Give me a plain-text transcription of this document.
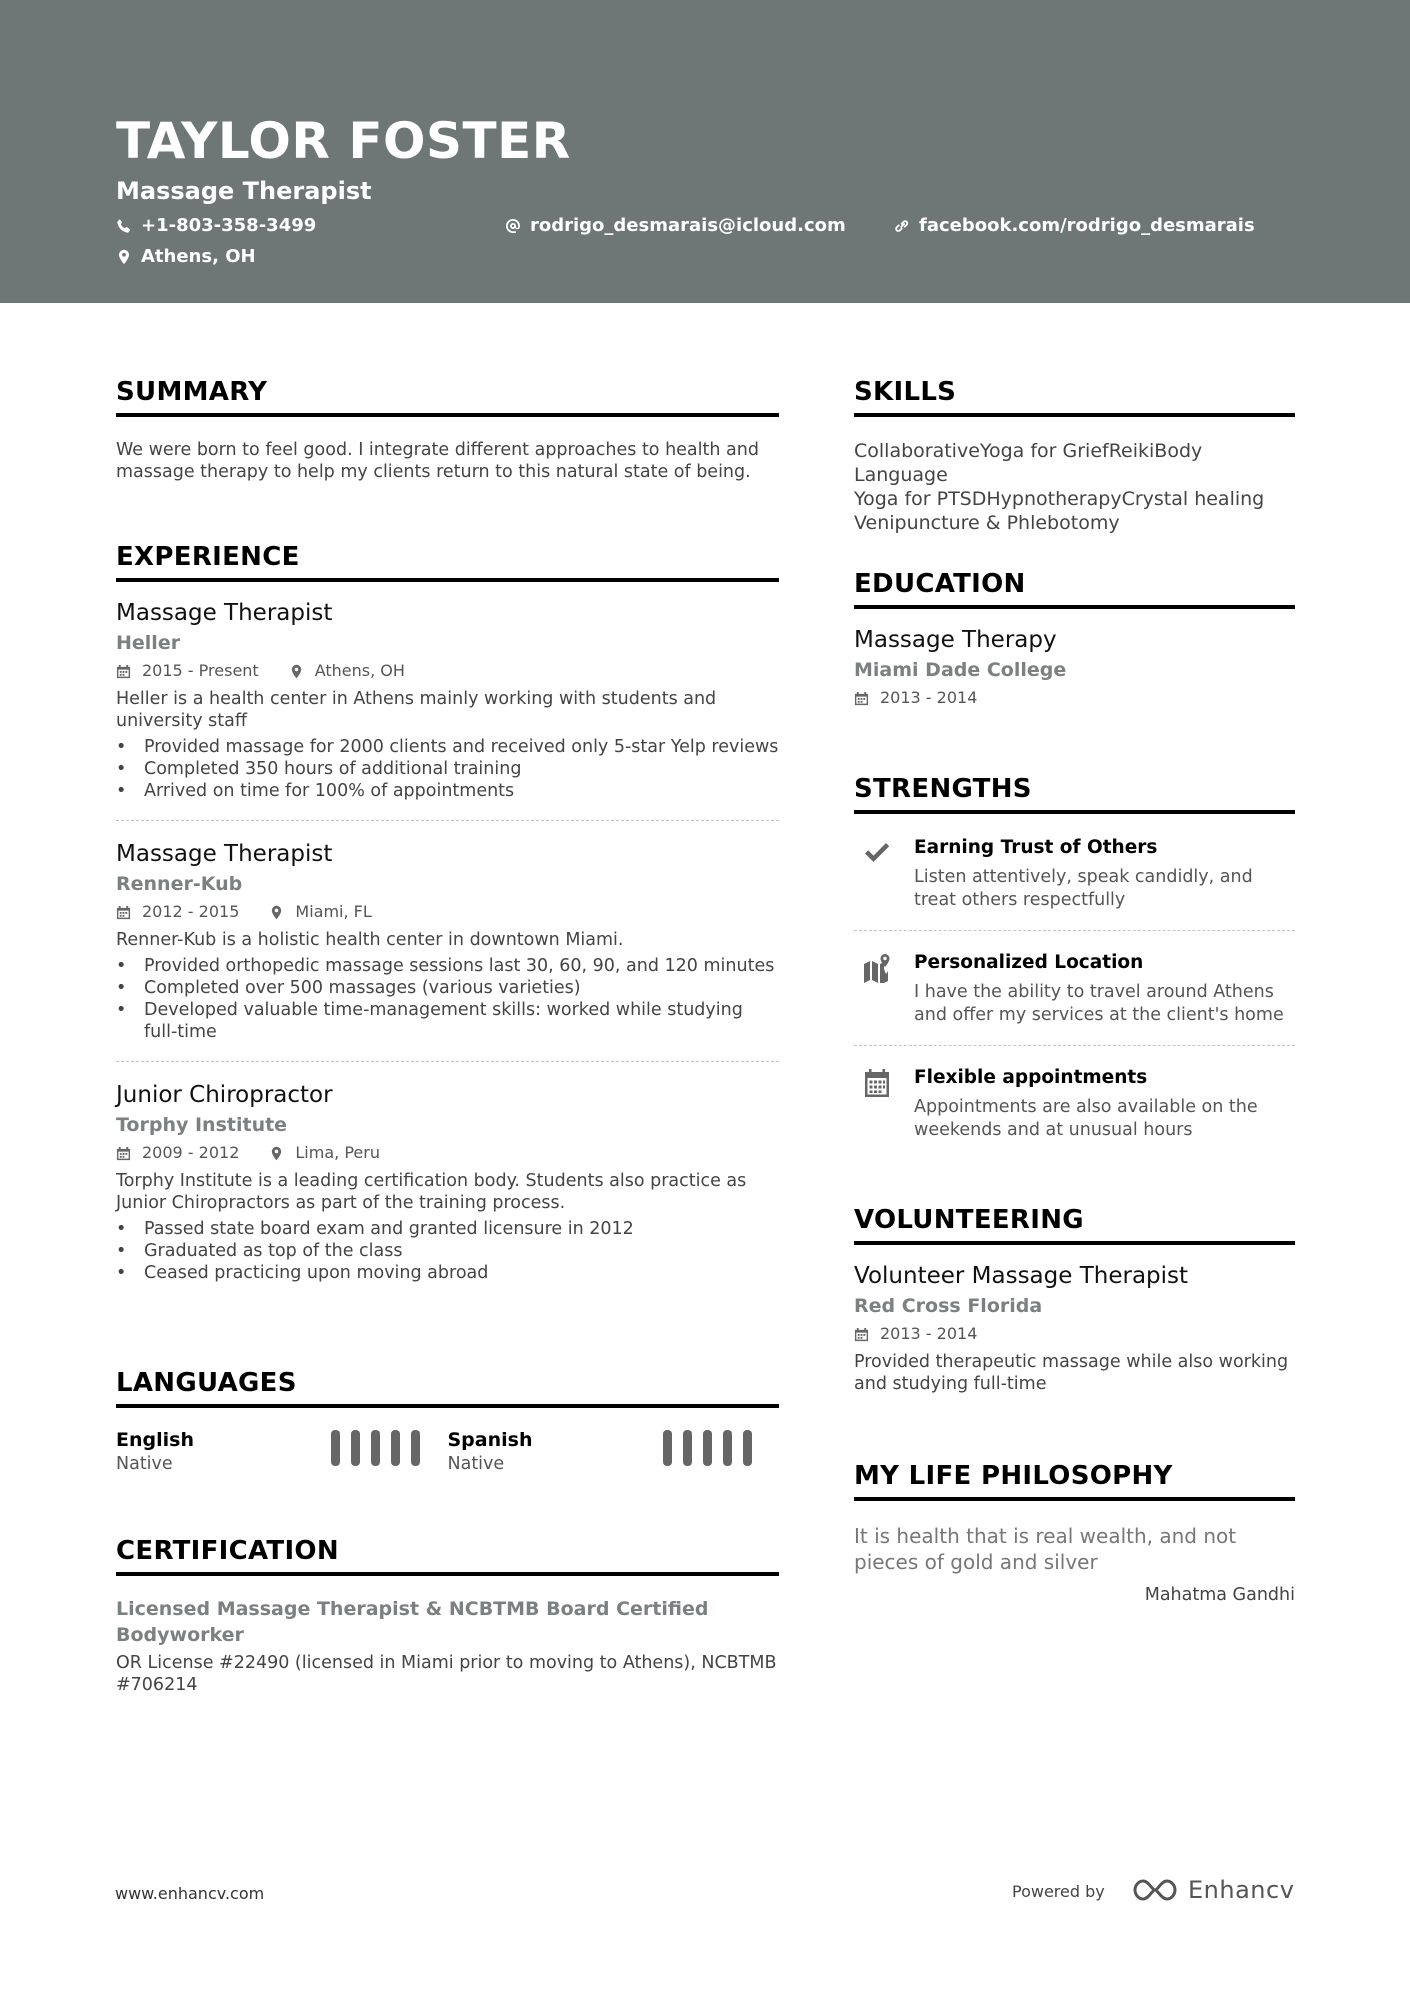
TAYLOR FOSTER
Massage Therapist
+1-803-358-3499	rodrigo_desmarais@icloud.com	facebook.com/rodrigo_desmarais
Athens, OH
SUMMARY
We were born to feel good. I integrate different approaches to health and massage therapy to help my clients return to this natural state of being.
EXPERIENCE
Massage Therapist
Heller
2015 - Present	Athens, OH
Heller is a health center in Athens mainly working with students and university staff
• Provided massage for 2000 clients and received only 5-star Yelp reviews
• Completed 350 hours of additional training
• Arrived on time for 100% of appointments
Massage Therapist
Renner-Kub
2012 - 2015	Miami, FL
Renner-Kub is a holistic health center in downtown Miami.
• Provided orthopedic massage sessions last 30, 60, 90, and 120 minutes
• Completed over 500 massages (various varieties)
• Developed valuable time-management skills: worked while studying full-time
Junior Chiropractor
Torphy Institute
2009 - 2012	Lima, Peru
Torphy Institute is a leading certification body. Students also practice as Junior Chiropractors as part of the training process.
• Passed state board exam and granted licensure in 2012
• Graduated as top of the class
• Ceased practicing upon moving abroad
LANGUAGES
English
Native
Spanish
Native
CERTIFICATION
Licensed Massage Therapist & NCBTMB Board Certified Bodyworker
OR License #22490 (licensed in Miami prior to moving to Athens), NCBTMB #706214
SKILLS
CollaborativeYoga for GriefReikiBody Language
Yoga for PTSDHypnotherapyCrystal healing
Venipuncture & Phlebotomy
EDUCATION
Massage Therapy
Miami Dade College
2013 - 2014
STRENGTHS
Earning Trust of Others
Listen attentively, speak candidly, and treat others respectfully
Personalized Location
I have the ability to travel around Athens and offer my services at the client's home
Flexible appointments
Appointments are also available on the weekends and at unusual hours
VOLUNTEERING
Volunteer Massage Therapist
Red Cross Florida
2013 - 2014
Provided therapeutic massage while also working and studying full-time
MY LIFE PHILOSOPHY
It is health that is real wealth, and not pieces of gold and silver
Mahatma Gandhi
www.enhancv.com	Powered by	Enhancv
